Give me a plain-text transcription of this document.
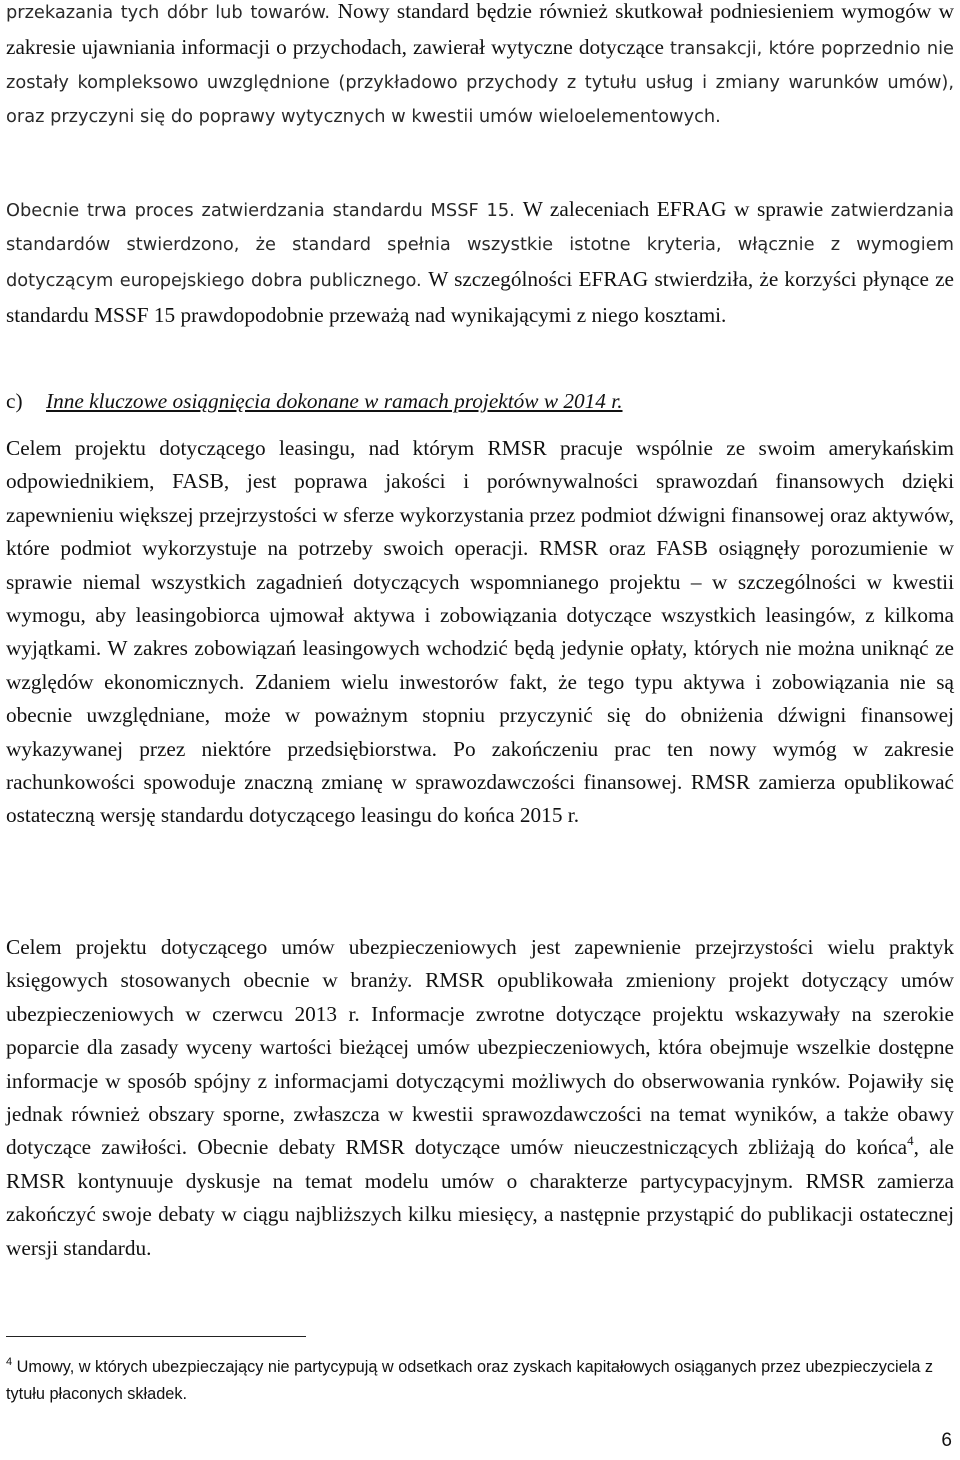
przekazania tych dóbr lub towarów. Nowy standard będzie również skutkował podniesieniem wymogów w zakresie ujawniania informacji o przychodach, zawierał wytyczne dotyczące transakcji, które poprzednio nie zostały kompleksowo uwzględnione (przykładowo przychody z tytułu usług i zmiany warunków umów), oraz przyczyni się do poprawy wytycznych w kwestii umów wieloelementowych.

Obecnie trwa proces zatwierdzania standardu MSSF 15. W zaleceniach EFRAG w sprawie zatwierdzania standardów stwierdzono, że standard spełnia wszystkie istotne kryteria, włącznie z wymogiem dotyczącym europejskiego dobra publicznego. W szczególności EFRAG stwierdziła, że korzyści płynące ze standardu MSSF 15 prawdopodobnie przeważą nad wynikającymi z niego kosztami.

c) Inne kluczowe osiągnięcia dokonane w ramach projektów w 2014 r.

Celem projektu dotyczącego leasingu, nad którym RMSR pracuje wspólnie ze swoim amerykańskim odpowiednikiem, FASB, jest poprawa jakości i porównywalności sprawozdań finansowych dzięki zapewnieniu większej przejrzystości w sferze wykorzystania przez podmiot dźwigni finansowej oraz aktywów, które podmiot wykorzystuje na potrzeby swoich operacji. RMSR oraz FASB osiągnęły porozumienie w sprawie niemal wszystkich zagadnień dotyczących wspomnianego projektu – w szczególności w kwestii wymogu, aby leasingobiorca ujmował aktywa i zobowiązania dotyczące wszystkich leasingów, z kilkoma wyjątkami. W zakres zobowiązań leasingowych wchodzić będą jedynie opłaty, których nie można uniknąć ze względów ekonomicznych. Zdaniem wielu inwestorów fakt, że tego typu aktywa i zobowiązania nie są obecnie uwzględniane, może w poważnym stopniu przyczynić się do obniżenia dźwigni finansowej wykazywanej przez niektóre przedsiębiorstwa. Po zakończeniu prac ten nowy wymóg w zakresie rachunkowości spowoduje znaczną zmianę w sprawozdawczości finansowej. RMSR zamierza opublikować ostateczną wersję standardu dotyczącego leasingu do końca 2015 r.

Celem projektu dotyczącego umów ubezpieczeniowych jest zapewnienie przejrzystości wielu praktyk księgowych stosowanych obecnie w branży. RMSR opublikowała zmieniony projekt dotyczący umów ubezpieczeniowych w czerwcu 2013 r. Informacje zwrotne dotyczące projektu wskazywały na szerokie poparcie dla zasady wyceny wartości bieżącej umów ubezpieczeniowych, która obejmuje wszelkie dostępne informacje w sposób spójny z informacjami dotyczącymi możliwych do obserwowania rynków. Pojawiły się jednak również obszary sporne, zwłaszcza w kwestii sprawozdawczości na temat wyników, a także obawy dotyczące zawiłości. Obecnie debaty RMSR dotyczące umów nieuczestniczących zbliżają do końca$^4$, ale RMSR kontynuuje dyskusje na temat modelu umów o charakterze partycypacyjnym. RMSR zamierza zakończyć swoje debaty w ciągu najbliższych kilku miesięcy, a następnie przystąpić do publikacji ostatecznej wersji standardu.

$^4$ Umowy, w których ubezpieczający nie partycypują w odsetkach oraz zyskach kapitałowych osiąganych przez ubezpieczyciela z tytułu płaconych składek.

6
